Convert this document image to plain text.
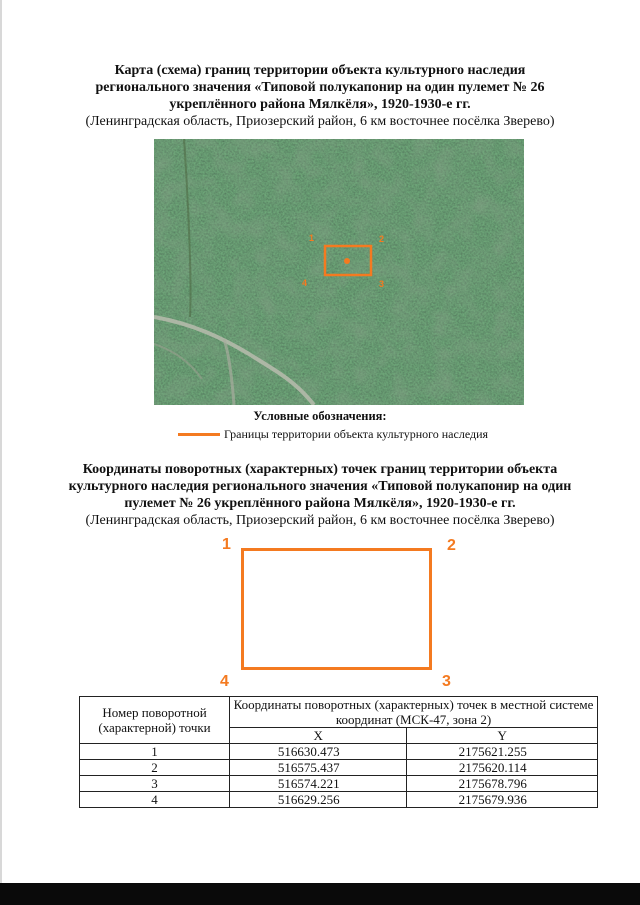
Карта (схема) границ территории объекта культурного наследия
регионального значения «Типовой полукапонир на один пулемет № 26
укреплённого района Мялкёля», 1920-1930-е гг.
(Ленинградская область, Приозерский район, 6 км восточнее посёлка Зверево)
1	2
3
4
Условные обозначения:
Границы территории объекта культурного наследия
Координаты поворотных (характерных) точек границ территории объекта
культурного наследия регионального значения «Типовой полукапонир на один
пулемет № 26 укреплённого района Мялкёля», 1920-1930-е гг.
(Ленинградская область, Приозерский район, 6 км восточнее посёлка Зверево)
1	2
3
4
Номер поворотной (характерной) точки	Координаты поворотных (характерных) точек в местной системе координат (МСК-47, зона 2)	
	X	Y
1	516630.473	2175621.255
2	516575.437	2175620.114
3	516574.221	2175678.796
4	516629.256	2175679.936
